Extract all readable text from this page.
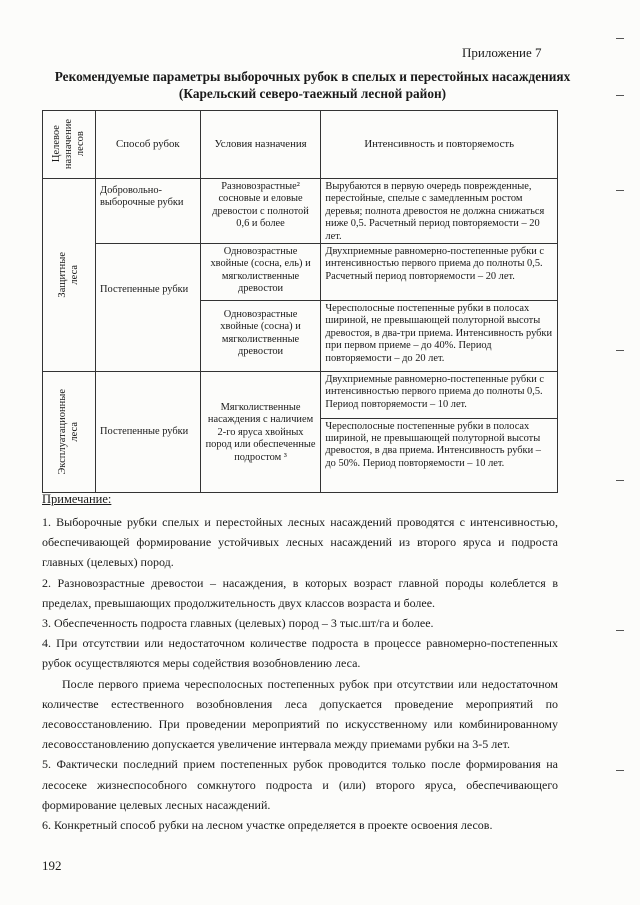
Приложение 7
Рекомендуемые параметры выборочных рубок в спелых и перестойных насаждениях
(Карельский северо-таежный лесной район)
Целевое
назначение
лесов	Способ рубок	Условия назначения	Интенсивность и повторяемость

Защитные
леса	Добровольно-выборочные рубки	Разновозрастные² сосновые и еловые древостои с полнотой 0,6 и более	Вырубаются в первую очередь поврежденные, перестойные, спелые с замедленным ростом деревья; полнота древостоя не должна снижаться ниже 0,5. Расчетный период повторяемости – 20 лет.
	Постепенные рубки	Одновозрастные хвойные (сосна, ель) и мягколиственные древостои	Двухприемные равномерно-постепенные рубки с интенсивностью первого приема до полноты 0,5. Расчетный период повторяемости – 20 лет.
		Одновозрастные хвойные (сосна) и мягколиственные древостои	Чересполосные постепенные рубки в полосах шириной, не превышающей полуторной высоты древостоя, в два-три приема. Интенсивность рубки при первом приеме – до 40%. Период повторяемости – до 20 лет.

Эксплуатационные
леса	Постепенные рубки	Мягколиственные насаждения с наличием 2-го яруса хвойных пород или обеспеченные подростом ³	Двухприемные равномерно-постепенные рубки с интенсивностью первого приема до полноты 0,5. Период повторяемости – 10 лет.
			Чересполосные постепенные рубки в полосах шириной, не превышающей полуторной высоты древостоя, в два приема. Интенсивность рубки – до 50%. Период повторяемости – 10 лет.
Примечание:

1. Выборочные рубки спелых и перестойных лесных насаждений проводятся с интенсивностью, обеспечивающей формирование устойчивых лесных насаждений из второго яруса и подроста главных (целевых) пород.

2. Разновозрастные древостои – насаждения, в которых возраст главной породы колеблется в пределах, превышающих продолжительность двух классов возраста и более.

3. Обеспеченность подроста главных (целевых) пород – 3 тыс.шт/га и более.

4. При отсутствии или недостаточном количестве подроста в процессе равномерно-постепенных рубок осуществляются меры содействия возобновлению леса.

После первого приема чересполосных постепенных рубок при отсутствии или недостаточном количестве естественного возобновления леса допускается проведение мероприятий по лесовосстановлению. При проведении мероприятий по искусственному или комбинированному лесовосстановлению допускается увеличение интервала между приемами рубки на 3-5 лет.

5. Фактически последний прием постепенных рубок проводится только после формирования на лесосеке жизнеспособного сомкнутого подроста и (или) второго яруса, обеспечивающего формирование целевых лесных насаждений.

6. Конкретный способ рубки на лесном участке определяется в проекте освоения лесов.

192
